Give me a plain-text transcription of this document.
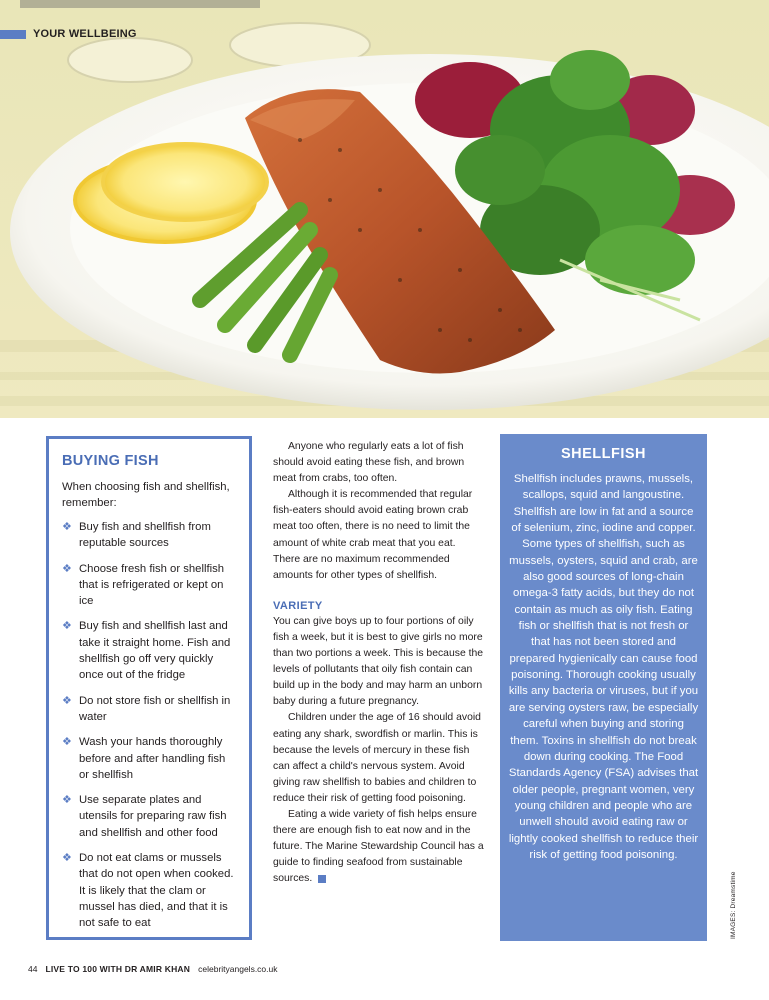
YOUR WELLBEING
BUYING FISH

When choosing fish and shellfish, remember:

❖ Buy fish and shellfish from reputable sources
❖ Choose fresh fish or shellfish that is refrigerated or kept on ice
❖ Buy fish and shellfish last and take it straight home. Fish and shellfish go off very quickly once out of the fridge
❖ Do not store fish or shellfish in water
❖ Wash your hands thoroughly before and after handling fish or shellfish
❖ Use separate plates and utensils for preparing raw fish and shellfish and other food
❖ Do not eat clams or mussels that do not open when cooked. It is likely that the clam or mussel has died, and that it is not safe to eat

Anyone who regularly eats a lot of fish should avoid eating these fish, and brown meat from crabs, too often.

Although it is recommended that regular fish-eaters should avoid eating brown crab meat too often, there is no need to limit the amount of white crab meat that you eat. There are no maximum recommended amounts for other types of shellfish.

VARIETY

You can give boys up to four portions of oily fish a week, but it is best to give girls no more than two portions a week. This is because the levels of pollutants that oily fish contain can build up in the body and may harm an unborn baby during a future pregnancy.

Children under the age of 16 should avoid eating any shark, swordfish or marlin. This is because the levels of mercury in these fish can affect a child's nervous system. Avoid giving raw shellfish to babies and children to reduce their risk of getting food poisoning.

Eating a wide variety of fish helps ensure there are enough fish to eat now and in the future. The Marine Stewardship Council has a guide to finding seafood from sustainable sources.

SHELLFISH

Shellfish includes prawns, mussels, scallops, squid and langoustine. Shellfish are low in fat and a source of selenium, zinc, iodine and copper. Some types of shellfish, such as mussels, oysters, squid and crab, are also good sources of long-chain omega-3 fatty acids, but they do not contain as much as oily fish. Eating fish or shellfish that is not fresh or that has not been stored and prepared hygienically can cause food poisoning. Thorough cooking usually kills any bacteria or viruses, but if you are serving oysters raw, be especially careful when buying and storing them. Toxins in shellfish do not break down during cooking. The Food Standards Agency (FSA) advises that older people, pregnant women, very young children and people who are unwell should avoid eating raw or lightly cooked shellfish to reduce their risk of getting food poisoning.

IMAGES: Dreamstime
44 LIVE TO 100 WITH DR AMIR KHAN celebrityangels.co.uk
